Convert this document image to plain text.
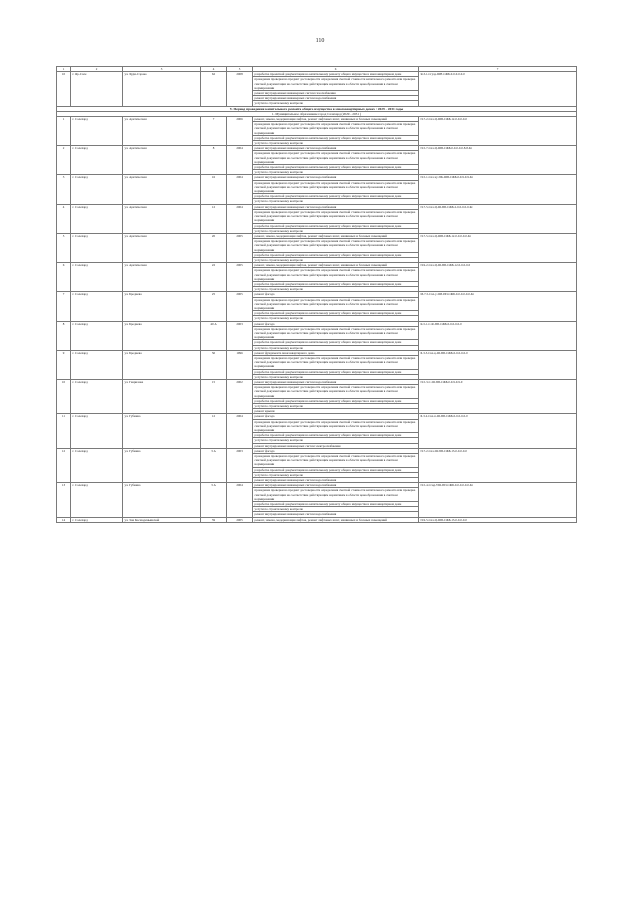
110
1	2	3	4	5	6	7
10	г. Яр-Сале	ул. Худи-Сэроко	62	2008	разработка проектной документации на капитальному ремонту общего имущества в многоквартирном доме	Я-3-1-Сгуор-ШН-СЖБ-0-0-0-0-0-0
					проведение проверки на предмет достоверности определения сметной стоимости капитального ремонта или проверка сметной документации на соответствие действующим нормативам в области ценообразования в сметном нормировании	
					ремонт внутридомовых инженерных систем газоснабжения	
					ремонт внутридомовых инженерных систем водоснабжения	
					услуги по строительному контролю	
V. Период проведения капитального ремонта общего имущества в многоквартирных домах : 2029 - 2031 годы						
1. Муниципальное образование город Салехард (2029 - 2031 )						
1	г. Салехард	ул. Арктическая	7	2006	ремонт, замена, модернизация лифтов, ремонт лифтовых шахт, машинных и блочных помещений	П-7-2-Сnл-Ц-ШП-СЖБ-12-0-0-0-0-0
					проведение проверки на предмет достоверности определения сметной стоимости капитального ремонта или проверка сметной документации на соответствие действующим нормативам в области ценообразования в сметном нормировании	
					разработка проектной документации на капитальному ремонту общего имущества в многоквартирном доме	
					услуги по строительному контролю	
2	г. Салехард	ул. Арктическая	8	2004	ремонт внутридомовых инженерных систем водоснабжения	П-5-7-Сnл-Ц-ШП-СЖБ-0-0-0-0-0-8-8-Кr
					проведение проверки на предмет достоверности определения сметной стоимости капитального ремонта или проверка сметной документации на соответствие действующим нормативам в области ценообразования в сметном нормировании	
					разработка проектной документации на капитальному ремонту общего имущества в многоквартирном доме	
					услуги по строительному контролю	
3	г. Салехард	ул. Арктическая	16	2004	ремонт внутридомовых инженерных систем водоснабжения	П-5-1-Сnл-чу-ПК-ШП-СЖБ-0-9-9-9-9-Кr
					проведение проверки на предмет достоверности определения сметной стоимости капитального ремонта или проверка сметной документации на соответствие действующим нормативам в области ценообразования в сметном нормировании	
					разработка проектной документации на капитальному ремонту общего имущества в многоквартирном доме	
					услуги по строительному контролю	
4	г. Салехард	ул. Арктическая	12	2004	ремонт внутридомовых инженерных систем водоснабжения	П-7-5-Сnл-Ц-Ш-ПП-СЖБ-2-0-0-0-0-0-Кr
					проведение проверки на предмет достоверности определения сметной стоимости капитального ремонта или проверка сметной документации на соответствие действующим нормативам в области ценообразования в сметном нормировании	
					разработка проектной документации на капитальному ремонту общего имущества в многоквартирном доме	
					услуги по строительному контролю	
5	г. Салехард	ул. Арктическая	20	2005	ремонт, замена, модернизация лифтов, ремонт лифтовых шахт, машинных и блочных помещений	П-7-5-Сnл-Ц-ШП-СЖБ-12-0-0-0-0-0-Кr
					проведение проверки на предмет достоверности определения сметной стоимости капитального ремонта или проверка сметной документации на соответствие действующим нормативам в области ценообразования в сметном нормировании	
					разработка проектной документации на капитальному ремонту общего имущества в многоквартирном доме	
					услуги по строительному контролю	
6	г. Салехард	ул. Арктическая	22	2005	ремонт, замена, модернизация лифтов, ремонт лифтовых шахт, машинных и блочных помещений	П-9-2-Сnл-Ц-Ш-ПП-СЖБ-12-0-0-0-0-0
					проведение проверки на предмет достоверности определения сметной стоимости капитального ремонта или проверка сметной документации на соответствие действующим нормативам в области ценообразования в сметном нормировании	
					разработка проектной документации на капитальному ремонту общего имущества в многоквартирном доме	
					услуги по строительному контролю	
7	г. Салехард	ул. Броднева	25	2005	ремонт фасада	М-7-5-Сnл-у-ШЗ-ПП-СЖБ-0-0-0-0-0-0-Кr
					проведение проверки на предмет достоверности определения сметной стоимости капитального ремонта или проверка сметной документации на соответствие действующим нормативам в области ценообразования в сметном нормировании	
					разработка проектной документации на капитальному ремонту общего имущества в многоквартирном доме	
					услуги по строительному контролю	
8	г. Салехард	ул. Броднева	40 А	2003	ремонт фасада	К-5-1-С-Ф-ПП-СЖБ-0-0-0-0-0-0
					проведение проверки на предмет достоверности определения сметной стоимости капитального ремонта или проверка сметной документации на соответствие действующим нормативам в области ценообразования в сметном нормировании	
					разработка проектной документации на капитальному ремонту общего имущества в многоквартирном доме	
					услуги по строительному контролю	
9	г. Салехард	ул. Броднева	50	1996	ремонт фундамента многоквартирного дома	Б-3-3-Сnл-ц-Ш-ПП-СЖБ-0-0-0-0-0-0
					проведение проверки на предмет достоверности определения сметной стоимости капитального ремонта или проверка сметной документации на соответствие действующим нормативам в области ценообразования в сметном нормировании	
					разработка проектной документации на капитальному ремонту общего имущества в многоквартирном доме	
					услуги по строительному контролю	
10	г. Салехард	ул. Гаврилова	15	2002	ремонт внутридомовых инженерных систем водоснабжения	П-5-3-С-Ш-ПП-СЖБ-0-9-9-9-9-9
					проведение проверки на предмет достоверности определения сметной стоимости капитального ремонта или проверка сметной документации на соответствие действующим нормативам в области ценообразования в сметном нормировании	
					разработка проектной документации на капитальному ремонту общего имущества в многоквартирном доме	
					услуги по строительному контролю	
					ремонт крыши	
11	г. Салехард	ул. Губкина	12	2004	ремонт фасада	Б-3-2-Сnл-п-Ш-ПП-СЖБ-0-0-0-0-0-0
					проведение проверки на предмет достоверности определения сметной стоимости капитального ремонта или проверка сметной документации на соответствие действующим нормативам в области ценообразования в сметном нормировании	
					разработка проектной документации на капитальному ремонту общего имущества в многоквартирном доме	
					услуги по строительному контролю	
					ремонт внутридомовых инженерных систем электроснабжения	
12	г. Салехард	ул. Губкина	3 А	2003	ремонт фасада	П-7-2-Сnл-Ш-ПП-СЖБ-13-0-0-0-0-0
					проведение проверки на предмет достоверности определения сметной стоимости капитального ремонта или проверка сметной документации на соответствие действующим нормативам в области ценообразования в сметном нормировании	
					разработка проектной документации на капитальному ремонту общего имущества в многоквартирном доме	
					услуги по строительному контролю	
					ремонт внутридомовых инженерных систем водоснабжения	
13	г. Салехард	ул. Губкина	3 А	2004	ремонт внутридомовых инженерных систем водоснабжения	П-5-4-Сгнд-УШ-ПП-СЖБ-0-0-0-0-0-0-Кr
					проведение проверки на предмет достоверности определения сметной стоимости капитального ремонта или проверка сметной документации на соответствие действующим нормативам в области ценообразования в сметном нормировании	
					разработка проектной документации на капитальному ремонту общего имущества в многоквартирном доме	
					услуги по строительному контролю	
					ремонт внутридомовых инженерных систем водоснабжения	
14	г. Салехард	ул. Зои Космодемьянской	59	2005	ремонт, замена, модернизация лифтов, ремонт лифтовых шахт, машинных и блочных помещений	П-9-5-Сnл-Ц-ШП-СЖБ-13-0-0-0-0-0
